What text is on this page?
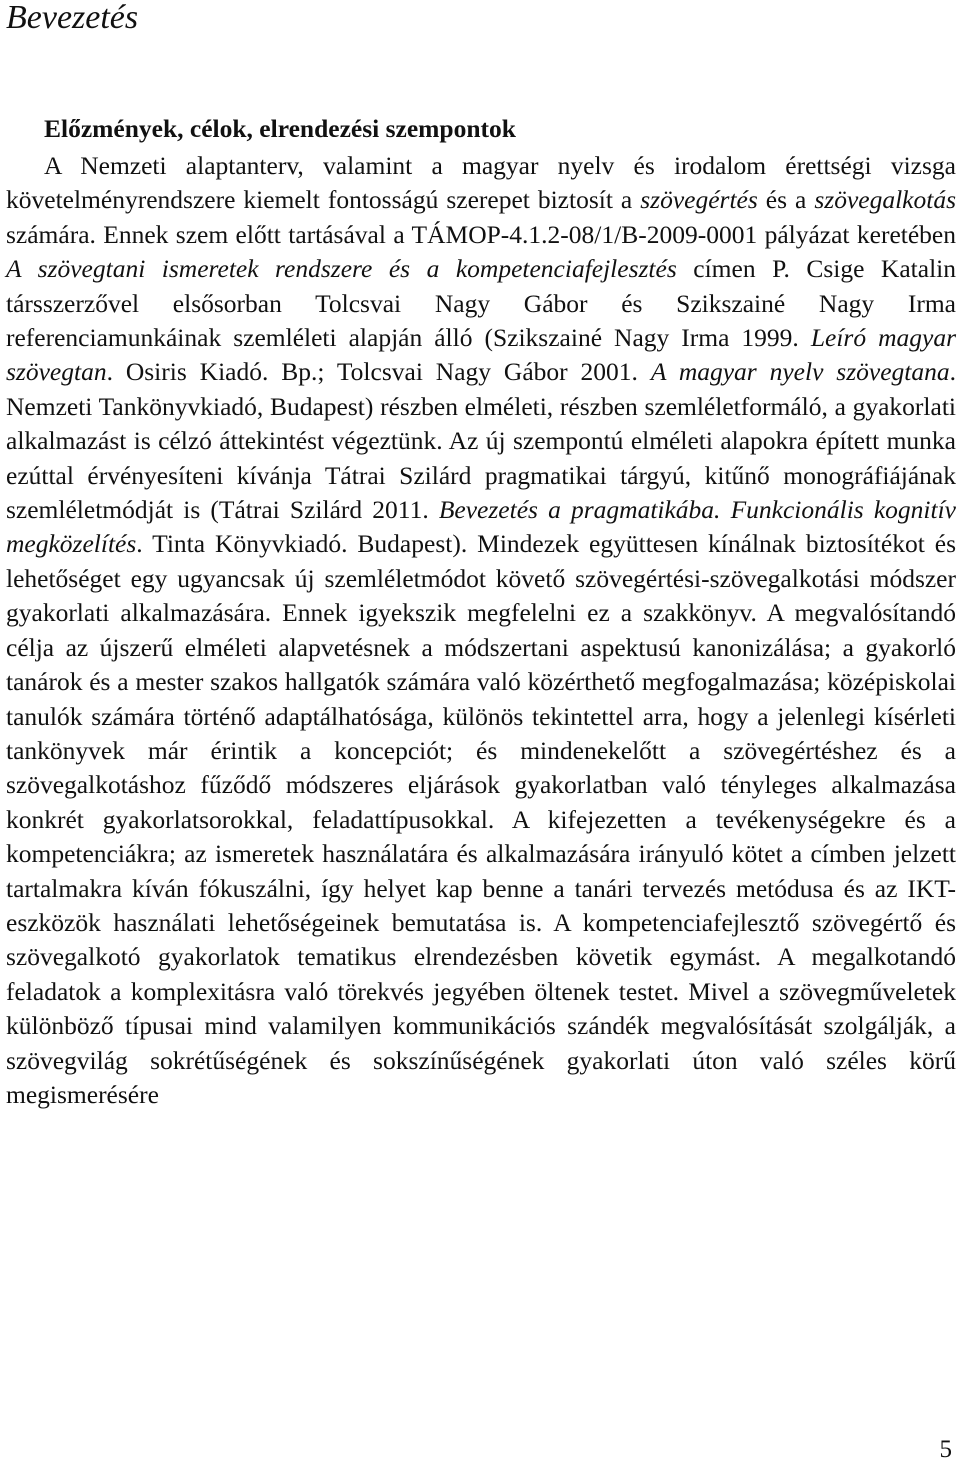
Bevezetés
Előzmények, célok, elrendezési szempontok

A Nemzeti alaptanterv, valamint a magyar nyelv és irodalom érettségi vizsga követelményrendszere kiemelt fontosságú szerepet biztosít a szövegértés és a szövegalkotás számára. Ennek szem előtt tartásával a TÁMOP-4.1.2-08/1/B-2009-0001 pályázat keretében A szövegtani ismeretek rendszere és a kompetenciafejlesztés címen P. Csige Katalin társszerzővel elsősorban Tolcsvai Nagy Gábor és Szikszainé Nagy Irma referenciamunkáinak szemléleti alapján álló (Szikszainé Nagy Irma 1999. Leíró magyar szövegtan. Osiris Kiadó. Bp.; Tolcsvai Nagy Gábor 2001. A magyar nyelv szövegtana. Nemzeti Tankönyvkiadó, Budapest) részben elméleti, részben szemléletformáló, a gyakorlati alkalmazást is célzó áttekintést végeztünk. Az új szempontú elméleti alapokra épített munka ezúttal érvényesíteni kívánja Tátrai Szilárd pragmatikai tárgyú, kitűnő monográfiájának szemléletmódját is (Tátrai Szilárd 2011. Bevezetés a pragmatikába. Funkcionális kognitív megközelítés. Tinta Könyvkiadó. Budapest). Mindezek együttesen kínálnak biztosítékot és lehetőséget egy ugyancsak új szemléletmódot követő szövegértési-szövegalkotási módszer gyakorlati alkalmazására. Ennek igyekszik megfelelni ez a szakkönyv. A megvalósítandó célja az újszerű elméleti alapvetésnek a módszertani aspektusú kanonizálása; a gyakorló tanárok és a mester szakos hallgatók számára való közérthető megfogalmazása; középiskolai tanulók számára történő adaptálhatósága, különös tekintettel arra, hogy a jelenlegi kísérleti tankönyvek már érintik a koncepciót; és mindenekelőtt a szövegértéshez és a szövegalkotáshoz fűződő módszeres eljárások gyakorlatban való tényleges alkalmazása konkrét gyakorlatsorokkal, feladattípusokkal. A kifejezetten a tevékenységekre és a kompetenciákra; az ismeretek használatára és alkalmazására irányuló kötet a címben jelzett tartalmakra kíván fókuszálni, így helyet kap benne a tanári tervezés metódusa és az IKT-eszközök használati lehetőségeinek bemutatása is. A kompetenciafejlesztő szövegértő és szövegalkotó gyakorlatok tematikus elrendezésben követik egymást. A megalkotandó feladatok a komplexitásra való törekvés jegyében öltenek testet. Mivel a szövegműveletek különböző típusai mind valamilyen kommunikációs szándék megvalósítását szolgálják, a szövegvilág sokrétűségének és sokszínűségének gyakorlati úton való széles körű megismerésére

5
